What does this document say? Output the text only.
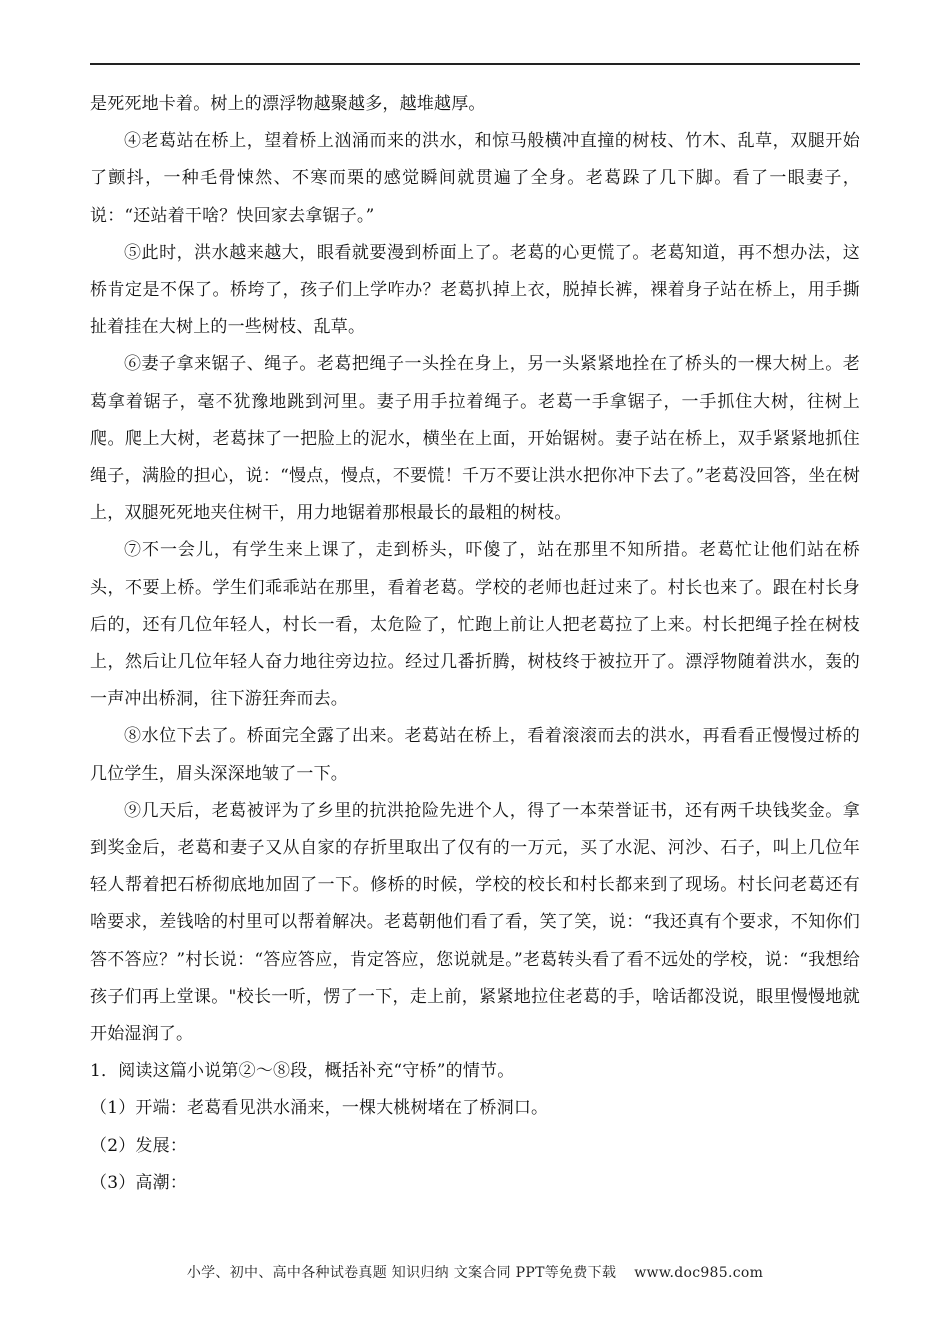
是死死地卡着。树上的漂浮物越聚越多，越堆越厚。

④老葛站在桥上，望着桥上汹涌而来的洪水，和惊马般横冲直撞的树枝、竹木、乱草，双腿开始了颤抖，一种毛骨悚然、不寒而栗的感觉瞬间就贯遍了全身。老葛跺了几下脚。看了一眼妻子，说：“还站着干啥？快回家去拿锯子。”

⑤此时，洪水越来越大，眼看就要漫到桥面上了。老葛的心更慌了。老葛知道，再不想办法，这桥肯定是不保了。桥垮了，孩子们上学咋办？老葛扒掉上衣，脱掉长裤，裸着身子站在桥上，用手撕扯着挂在大树上的一些树枝、乱草。

⑥妻子拿来锯子、绳子。老葛把绳子一头拴在身上，另一头紧紧地拴在了桥头的一棵大树上。老葛拿着锯子，毫不犹豫地跳到河里。妻子用手拉着绳子。老葛一手拿锯子，一手抓住大树，往树上爬。爬上大树，老葛抹了一把脸上的泥水，横坐在上面，开始锯树。妻子站在桥上，双手紧紧地抓住绳子，满脸的担心，说：“慢点，慢点，不要慌！千万不要让洪水把你冲下去了。”老葛没回答，坐在树上，双腿死死地夹住树干，用力地锯着那根最长的最粗的树枝。

⑦不一会儿，有学生来上课了，走到桥头，吓傻了，站在那里不知所措。老葛忙让他们站在桥头，不要上桥。学生们乖乖站在那里，看着老葛。学校的老师也赶过来了。村长也来了。跟在村长身后的，还有几位年轻人，村长一看，太危险了，忙跑上前让人把老葛拉了上来。村长把绳子拴在树枝上，然后让几位年轻人奋力地往旁边拉。经过几番折腾，树枝终于被拉开了。漂浮物随着洪水，轰的一声冲出桥洞，往下游狂奔而去。

⑧水位下去了。桥面完全露了出来。老葛站在桥上，看着滚滚而去的洪水，再看看正慢慢过桥的几位学生，眉头深深地皱了一下。

⑨几天后，老葛被评为了乡里的抗洪抢险先进个人，得了一本荣誉证书，还有两千块钱奖金。拿到奖金后，老葛和妻子又从自家的存折里取出了仅有的一万元，买了水泥、河沙、石子，叫上几位年轻人帮着把石桥彻底地加固了一下。修桥的时候，学校的校长和村长都来到了现场。村长问老葛还有啥要求，差钱啥的村里可以帮着解决。老葛朝他们看了看，笑了笑，说：“我还真有个要求，不知你们答不答应？”村长说：“答应答应，肯定答应，您说就是。”老葛转头看了看不远处的学校，说：“我想给孩子们再上堂课。"校长一听，愣了一下，走上前，紧紧地拉住老葛的手，啥话都没说，眼里慢慢地就开始湿润了。

1．阅读这篇小说第②～⑧段，概括补充“守桥”的情节。

（1）开端：老葛看见洪水涌来，一棵大桃树堵在了桥洞口。

（2）发展：

（3）高潮：

小学、初中、高中各种试卷真题 知识归纳 文案合同 PPT等免费下载 www.doc985.com
